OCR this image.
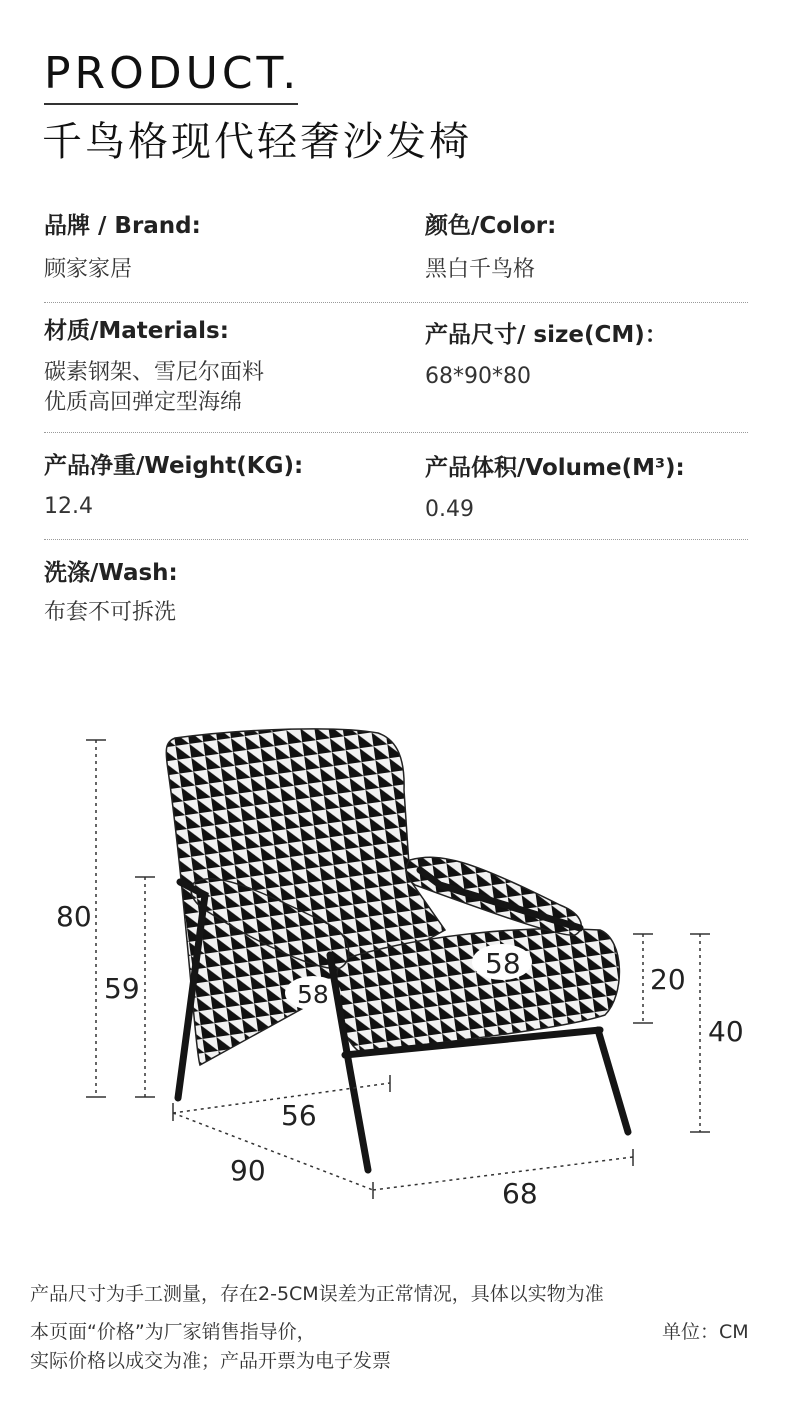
PRODUCT.
千鸟格现代轻奢沙发椅
品牌 / Brand:
顾家家居
颜色/Color:
黑白千鸟格
材质/Materials:
碳素钢架、雪尼尔面料
优质高回弹定型海绵
产品尺寸/ size(CM)：
68*90*80
产品净重/Weight(KG):
12.4
产品体积/Volume(M³):
0.49
洗涤/Wash:
布套不可拆洗
80
59
58
58	20
40
56
90
68
产品尺寸为手工测量，存在2-5CM误差为正常情况，具体以实物为准
本页面“价格”为厂家销售指导价，
实际价格以成交为准；产品开票为电子发票
单位：CM
